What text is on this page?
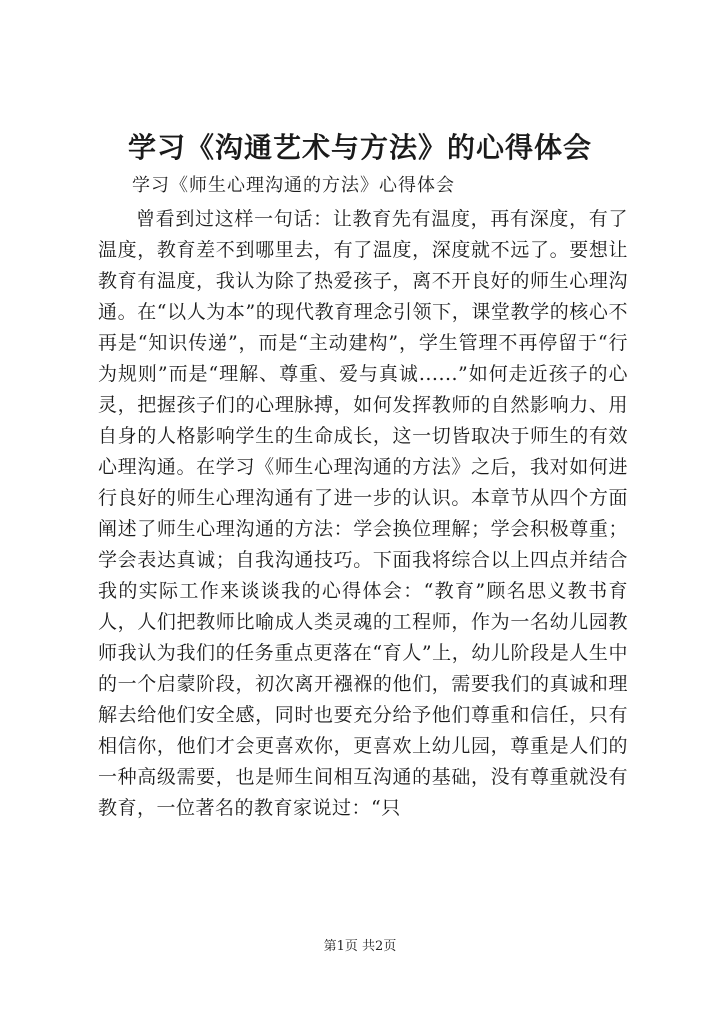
学习《沟通艺术与方法》的心得体会
学习《师生心理沟通的方法》心得体会

曾看到过这样一句话：让教育先有温度，再有深度，有了温度，教育差不到哪里去，有了温度，深度就不远了。要想让教育有温度，我认为除了热爱孩子，离不开良好的师生心理沟通。在“以人为本”的现代教育理念引领下，课堂教学的核心不再是“知识传递”，而是“主动建构”，学生管理不再停留于“行为规则”而是“理解、尊重、爱与真诚......”如何走近孩子的心灵，把握孩子们的心理脉搏，如何发挥教师的自然影响力、用自身的人格影响学生的生命成长，这一切皆取决于师生的有效心理沟通。在学习《师生心理沟通的方法》之后，我对如何进行良好的师生心理沟通有了进一步的认识。本章节从四个方面阐述了师生心理沟通的方法：学会换位理解；学会积极尊重；学会表达真诚；自我沟通技巧。下面我将综合以上四点并结合我的实际工作来谈谈我的心得体会：“教育”顾名思义教书育人，人们把教师比喻成人类灵魂的工程师，作为一名幼儿园教师我认为我们的任务重点更落在“育人”上，幼儿阶段是人生中的一个启蒙阶段，初次离开襁褓的他们，需要我们的真诚和理解去给他们安全感，同时也要充分给予他们尊重和信任，只有相信你，他们才会更喜欢你，更喜欢上幼儿园，尊重是人们的一种高级需要，也是师生间相互沟通的基础，没有尊重就没有教育，一位著名的教育家说过：“只

第1页 共2页
